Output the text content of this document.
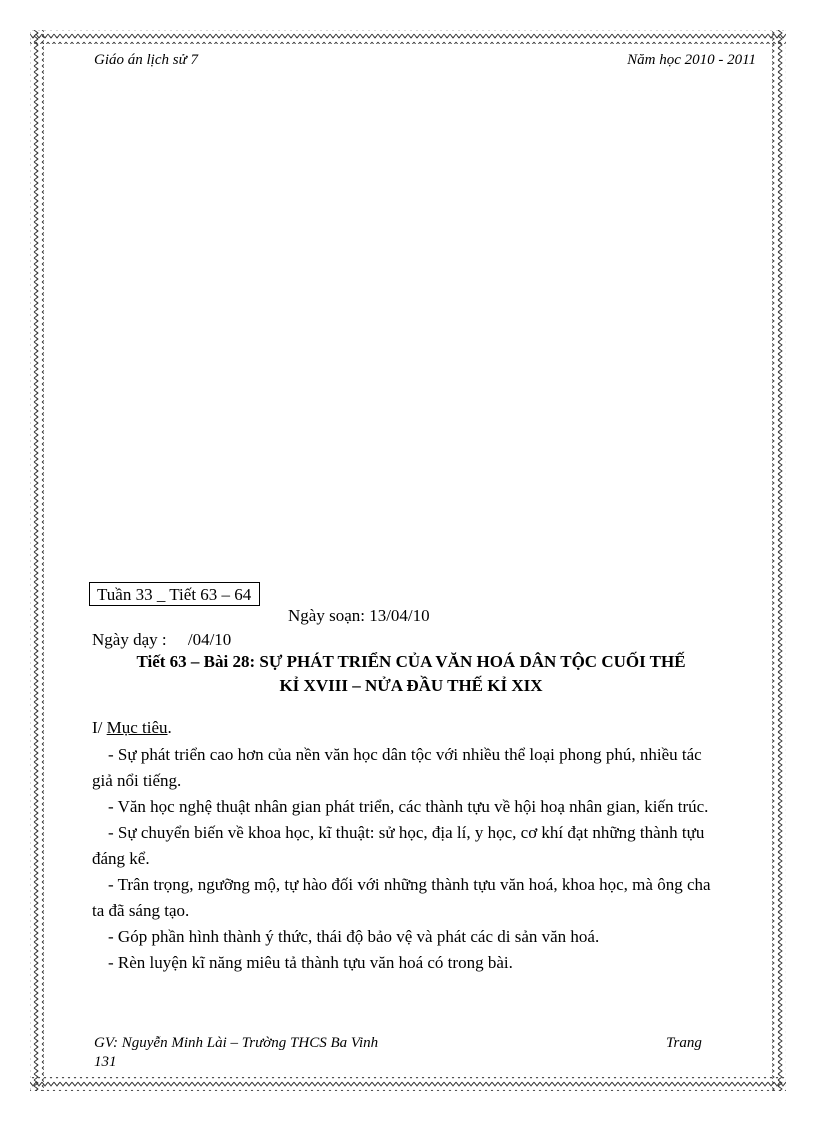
Giáo án lịch sử 7	Năm học 2010 - 2011
Tuần 33 _ Tiết 63 – 64
Ngày soạn: 13/04/10
Ngày dạy :     /04/10
Tiết 63 – Bài 28: SỰ PHÁT TRIỂN CỦA VĂN HOÁ DÂN TỘC CUỐI THẾ
KỈ XVIII – NỬA ĐẦU THẾ KỈ XIX
I/ Mục tiêu.

- Sự phát triển cao hơn của nền văn học dân tộc với nhiều thể loại phong phú, nhiều tác giả nổi tiếng.

- Văn học nghệ thuật nhân gian phát triển, các thành tựu về hội hoạ nhân gian, kiến trúc.

- Sự chuyển biến về khoa học, kĩ thuật: sử học, địa lí, y học, cơ khí đạt những thành tựu đáng kể.

- Trân trọng, ngưỡng mộ, tự hào đối với những thành tựu văn hoá, khoa học, mà ông cha ta đã sáng tạo.

- Góp phần hình thành ý thức, thái độ bảo vệ và phát các di sản văn hoá.

- Rèn luyện kĩ năng miêu tả thành tựu văn hoá có trong bài.

GV: Nguyễn Minh Lài – Trường THCS Ba Vinh	Trang
131
